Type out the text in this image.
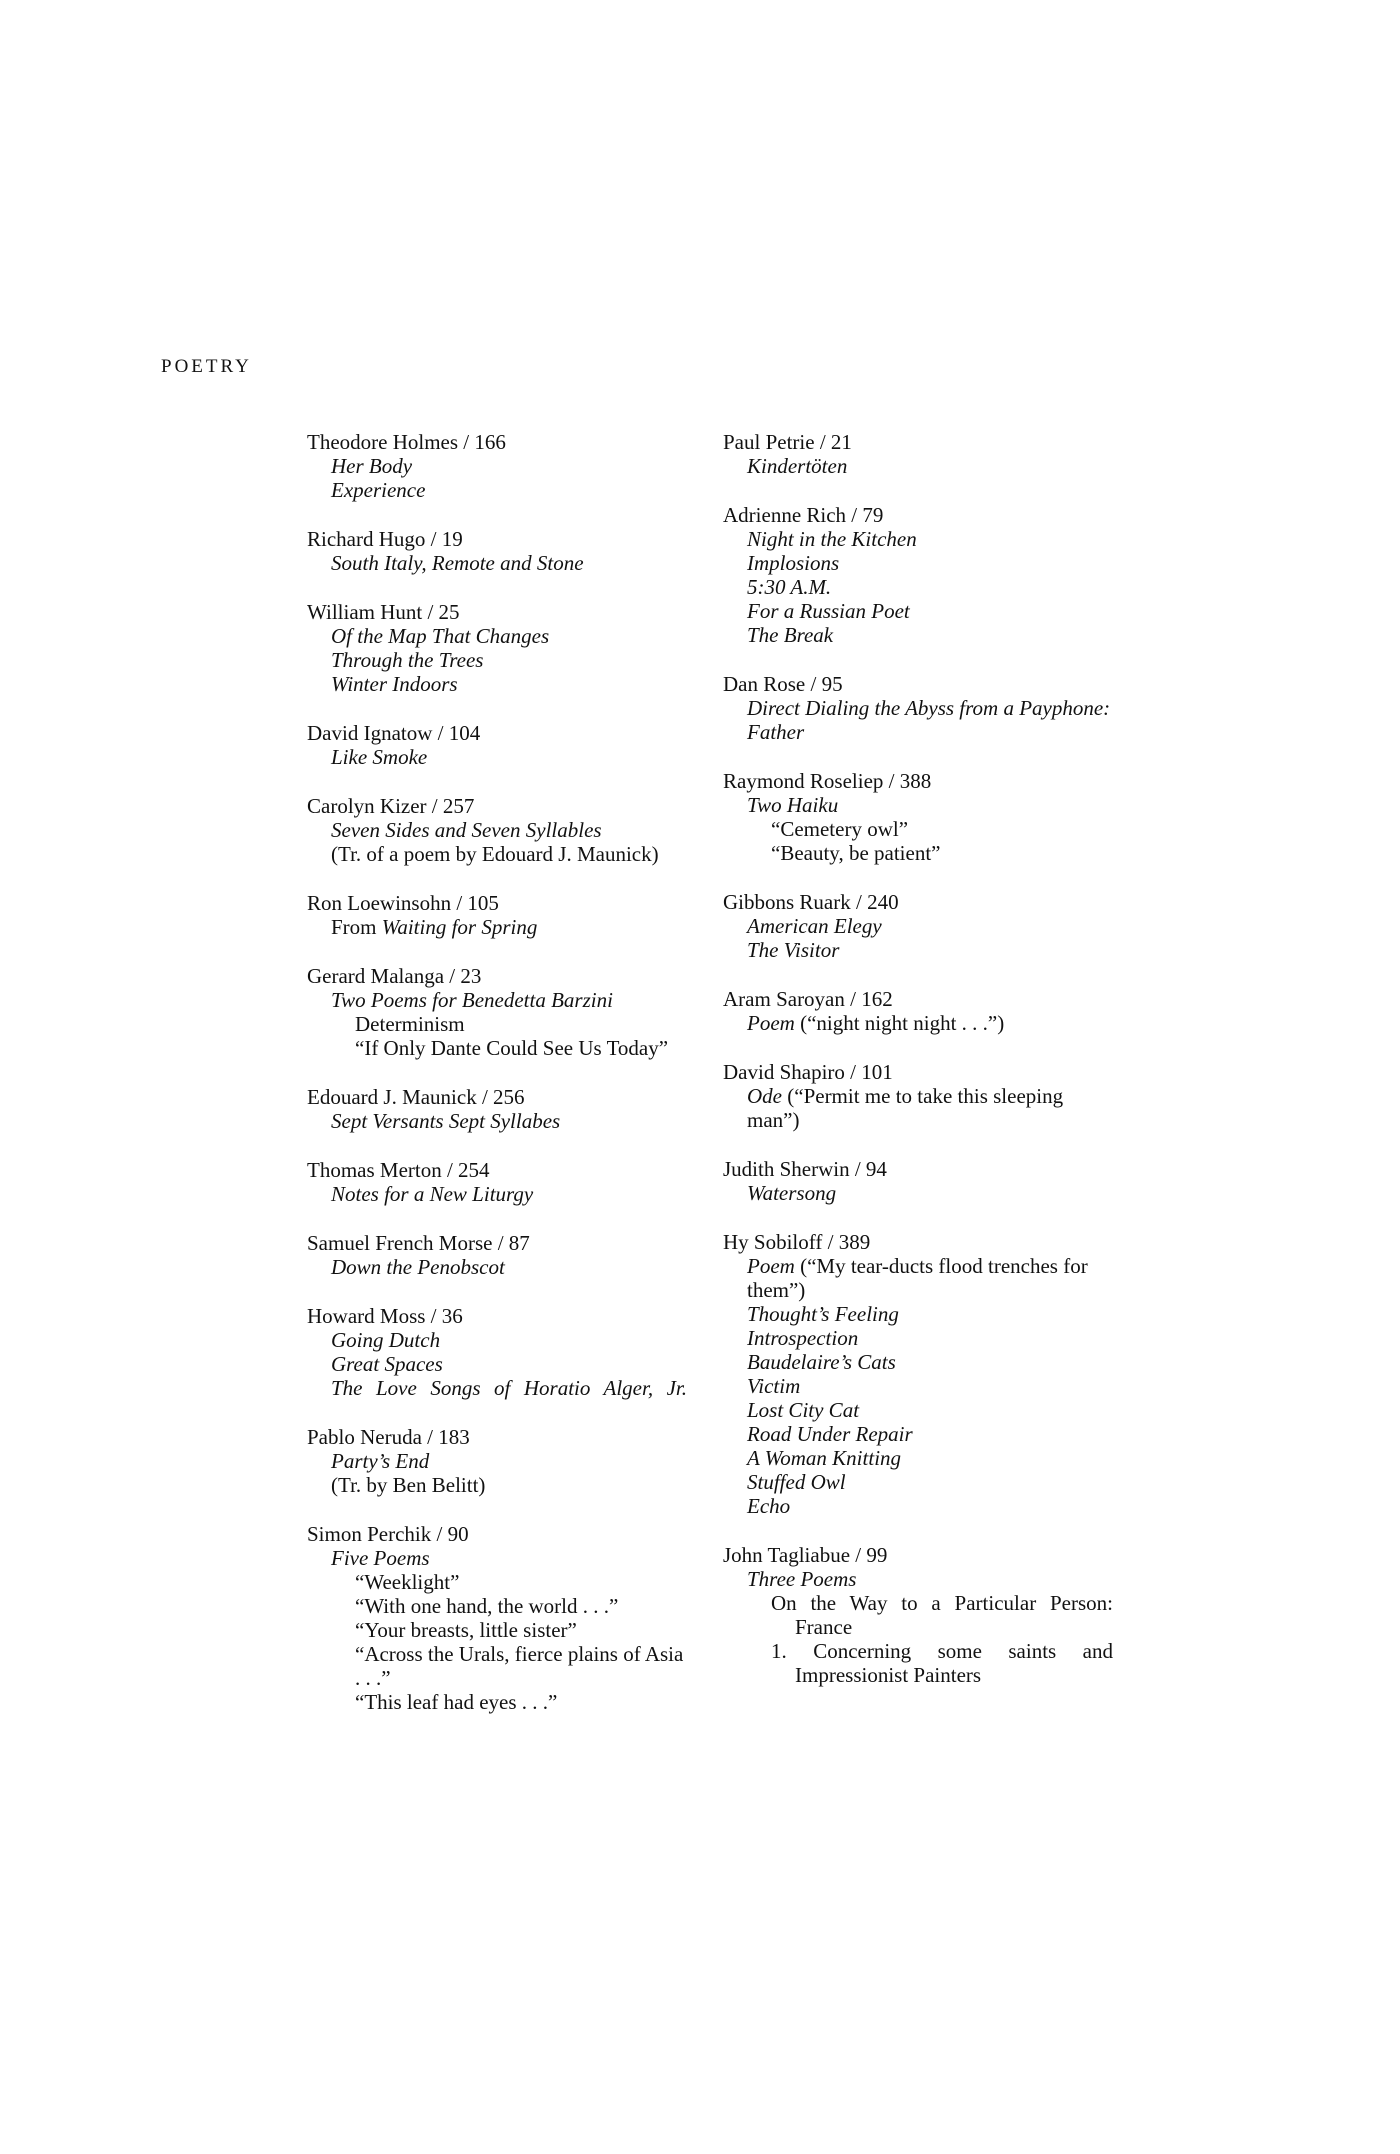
POETRY
Theodore Holmes / 166
Her Body
Experience
Richard Hugo / 19
South Italy, Remote and Stone
William Hunt / 25
Of the Map That Changes
Through the Trees
Winter Indoors
David Ignatow / 104
Like Smoke
Carolyn Kizer / 257
Seven Sides and Seven Syllables
(Tr. of a poem by Edouard J. Maunick)
Ron Loewinsohn / 105
From Waiting for Spring
Gerard Malanga / 23
Two Poems for Benedetta Barzini
Determinism
“If Only Dante Could See Us Today”
Edouard J. Maunick / 256
Sept Versants Sept Syllabes
Thomas Merton / 254
Notes for a New Liturgy
Samuel French Morse / 87
Down the Penobscot
Howard Moss / 36
Going Dutch
Great Spaces
The Love Songs of Horatio Alger, Jr.
Pablo Neruda / 183
Party’s End
(Tr. by Ben Belitt)
Simon Perchik / 90
Five Poems
“Weeklight”
“With one hand, the world . . .”
“Your breasts, little sister”
“Across the Urals, fierce plains of Asia . . .”
“This leaf had eyes . . .”
Paul Petrie / 21
Kindertöten
Adrienne Rich / 79
Night in the Kitchen
Implosions
5:30 A.M.
For a Russian Poet
The Break
Dan Rose / 95
Direct Dialing the Abyss from a Payphone: Father
Raymond Roseliep / 388
Two Haiku
“Cemetery owl”
“Beauty, be patient”
Gibbons Ruark / 240
American Elegy
The Visitor
Aram Saroyan / 162
Poem (“night night night . . .”)
David Shapiro / 101
Ode (“Permit me to take this sleeping man”)
Judith Sherwin / 94
Watersong
Hy Sobiloff / 389
Poem (“My tear-ducts flood trenches for them”)
Thought’s Feeling
Introspection
Baudelaire’s Cats
Victim
Lost City Cat
Road Under Repair
A Woman Knitting
Stuffed Owl
Echo
John Tagliabue / 99
Three Poems
On the Way to a Particular Person: France
1. Concerning some saints and Impressionist Painters
